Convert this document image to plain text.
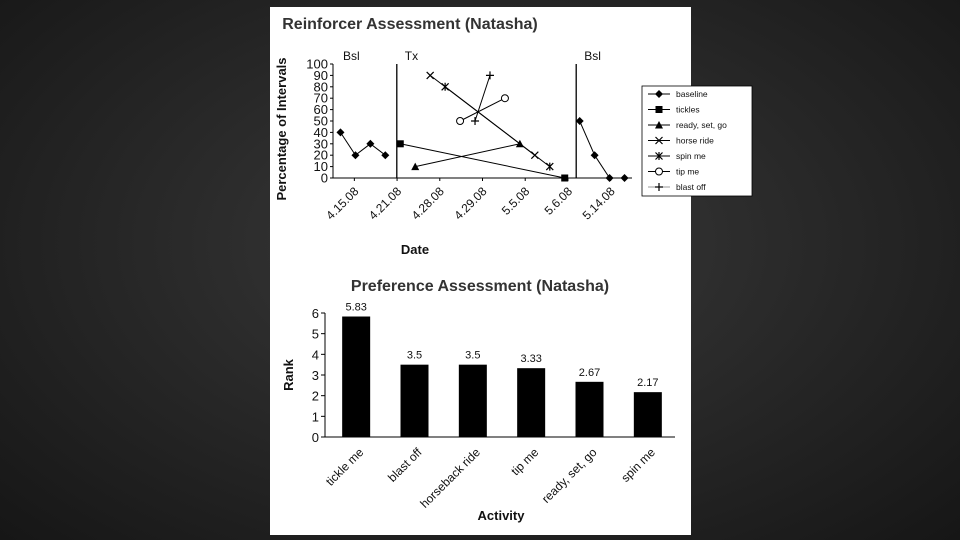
Reinforcer Assessment (Natasha)
0
10
20
30
40
50
60
70
80
90
100
4.15.08 4.21.08 4.28.08 4.29.08 5.5.08 5.6.08 5.14.08
Bsl	Tx	Bsl
Percentage of Intervals
Date
baseline
tickles
ready, set, go
horse ride
spin me
tip me
blast off
Preference Assessment (Natasha)
0
1
2
3
4
5
6 5.83
3.5	3.5	3.33
2.67
2.17
tickle me blast off
horseback ride tip me
ready, set, go spin me
Rank
Activity
